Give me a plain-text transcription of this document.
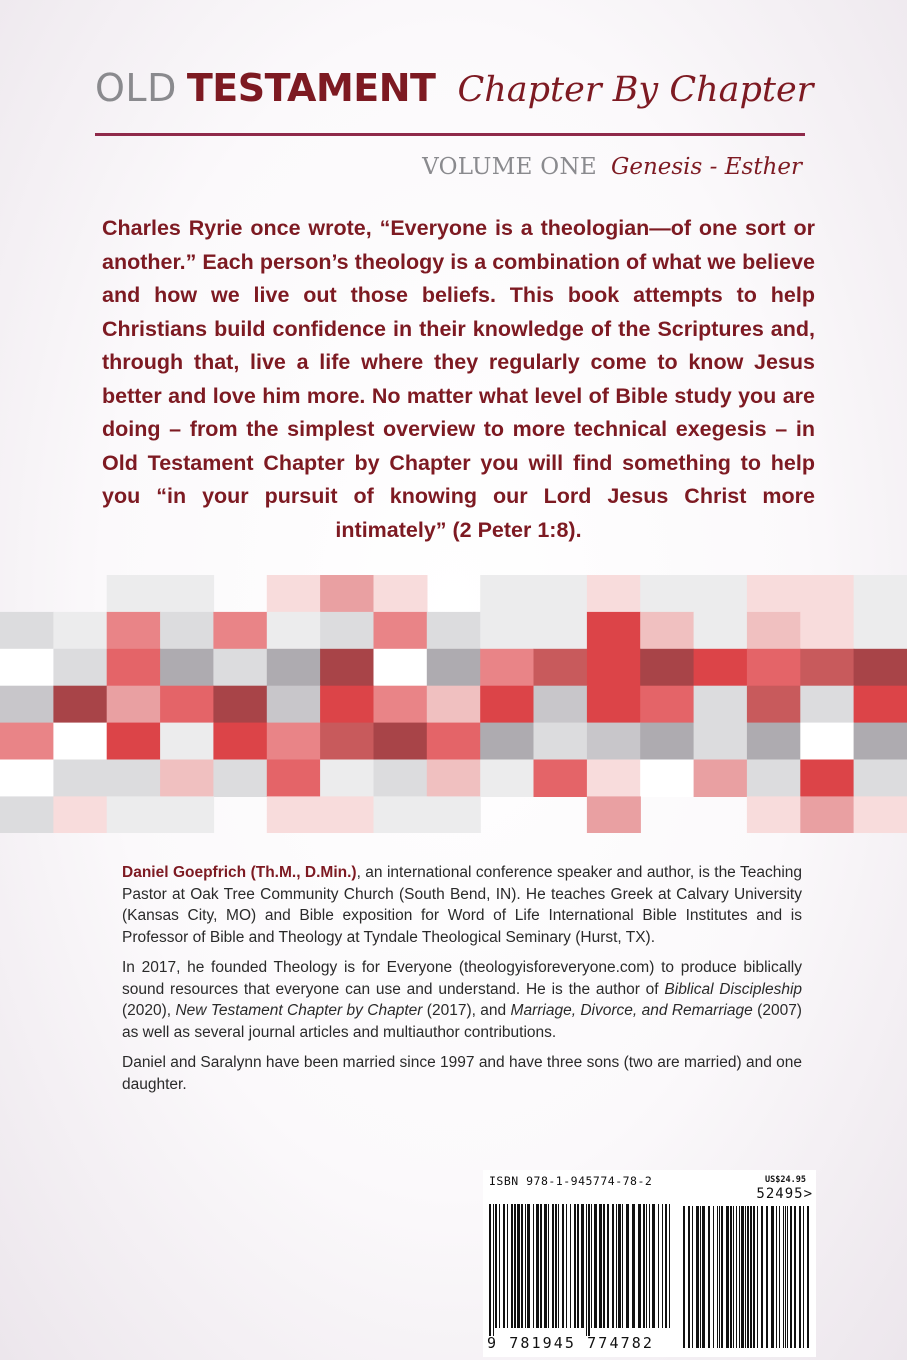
OLD TESTAMENT Chapter By Chapter
VOLUME ONE Genesis - Esther

Charles Ryrie once wrote, “Everyone is a theologian—of one sort or another.” Each person’s theology is a combination of what we believe and how we live out those beliefs. This book attempts to help Christians build confidence in their knowledge of the Scriptures and, through that, live a life where they regularly come to know Jesus better and love him more. No matter what level of Bible study you are doing – from the simplest overview to more technical exegesis – in Old Testament Chapter by Chapter you will find something to help you “in your pursuit of knowing our Lord Jesus Christ more intimately” (2 Peter 1:8).

Daniel Goepfrich (Th.M., D.Min.), an international conference speaker and author, is the Teaching Pastor at Oak Tree Community Church (South Bend, IN). He teaches Greek at Calvary University (Kansas City, MO) and Bible exposition for Word of Life International Bible Institutes and is Professor of Bible and Theology at Tyndale Theological Seminary (Hurst, TX).

In 2017, he founded Theology is for Everyone (theologyisforeveryone.com) to produce biblically sound resources that everyone can use and understand. He is the author of Biblical Discipleship (2020), New Testament Chapter by Chapter (2017), and Marriage, Divorce, and Remarriage (2007) as well as several journal articles and multiauthor contributions.

Daniel and Saralynn have been married since 1997 and have three sons (two are married) and one daughter.

ISBN 978-1-945774-78-2	US$24.95
52495>
9 781945 774782
